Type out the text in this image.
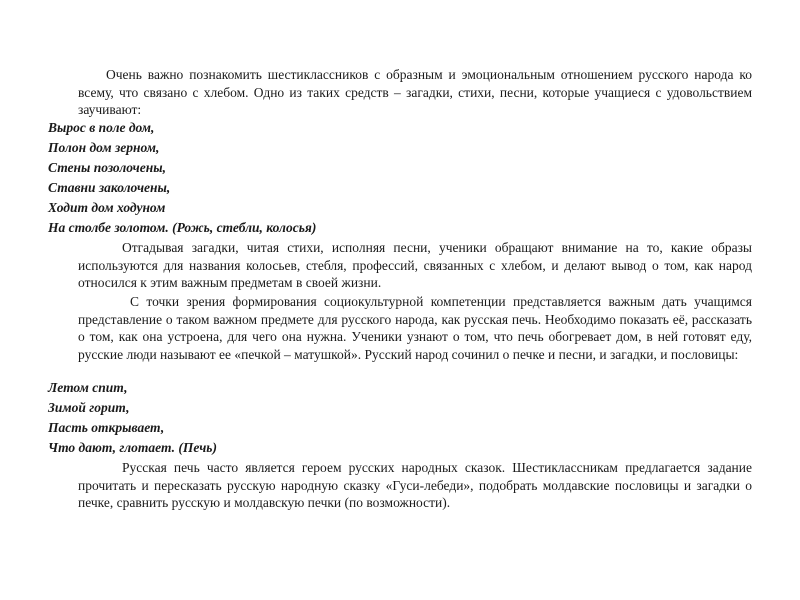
Очень важно познакомить шестиклассников с образным и эмоциональным отношением русского народа ко всему, что связано с хлебом. Одно из таких средств – загадки, стихи, песни, которые учащиеся с удовольствием заучивают:

Вырос в поле дом,

Полон дом зерном,

Стены позолочены,

Ставни заколочены,

Ходит дом ходуном

На столбе золотом. (Рожь, стебли, колосья)

Отгадывая загадки, читая стихи, исполняя песни, ученики обращают внимание на то, какие образы используются для названия колосьев, стебля, профессий, связанных с хлебом, и делают вывод о том, как народ относился к этим важным предметам в своей жизни.

С точки зрения формирования социокультурной компетенции представляется важным дать учащимся представление о таком важном предмете для русского народа, как русская печь. Необходимо показать её, рассказать о том, как она устроена, для чего она нужна. Ученики узнают о том, что печь обогревает дом, в ней готовят еду, русские люди называют ее «печкой – матушкой». Русский народ сочинил о печке и песни, и загадки, и пословицы:

Летом спит,

Зимой горит,

Пасть открывает,

Что дают, глотает. (Печь)

Русская печь часто является героем русских народных сказок. Шестиклассникам предлагается задание прочитать и пересказать русскую народную сказку «Гуси-лебеди», подобрать молдавские пословицы и загадки о печке, сравнить русскую и молдавскую печки (по возможности).
